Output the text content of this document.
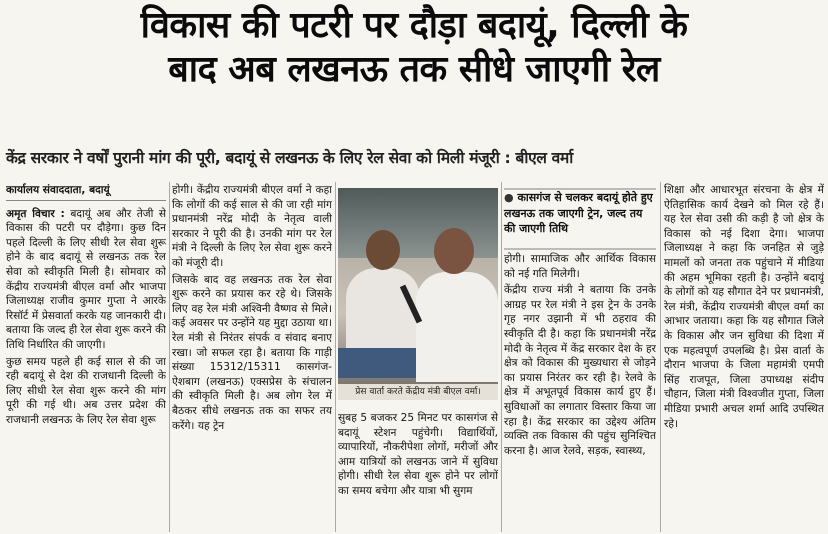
विकास की पटरी पर दौड़ा बदायूं, दिल्ली के
बाद अब लखनऊ तक सीधे जाएगी रेल
केंद्र सरकार ने वर्षों पुरानी मांग की पूरी, बदायूं से लखनऊ के लिए रेल सेवा को मिली मंजूरी : बीएल वर्मा
कार्यालय संवाददाता, बदायूं

अमृत विचार : बदायूं अब और तेजी से विकास की पटरी पर दौड़ेगा। कुछ दिन पहले दिल्ली के लिए सीधी रेल सेवा शुरू होने के बाद बदायूं से लखनऊ तक रेल सेवा को स्वीकृति मिली है। सोमवार को केंद्रीय राज्यमंत्री बीएल वर्मा और भाजपा जिलाध्यक्ष राजीव कुमार गुप्ता ने आरके रिसॉर्ट में प्रेसवार्ता करके यह जानकारी दी। बताया कि जल्द ही रेल सेवा शुरू करने की तिथि निर्धारित की जाएगी।

कुछ समय पहले ही कई साल से की जा रही बदायूं से देश की राजधानी दिल्ली के लिए सीधी रेल सेवा शुरू करने की मांग पूरी की गई थी। अब उत्तर प्रदेश की राजधानी लखनऊ के लिए रेल सेवा शुरू

होगी। केंद्रीय राज्यमंत्री बीएल वर्मा ने कहा कि लोगों की कई साल से की जा रही मांग प्रधानमंत्री नरेंद्र मोदी के नेतृत्व वाली सरकार ने पूरी की है। उनकी मांग पर रेल मंत्री ने दिल्ली के लिए रेल सेवा शुरू करने को मंजूरी दी।

जिसके बाद वह लखनऊ तक रेल सेवा शुरू करने का प्रयास कर रहे थे। जिसके लिए वह रेल मंत्री अश्विनी वैष्णव से मिले। कई अवसर पर उन्होंने यह मुद्दा उठाया था। रेल मंत्री से निरंतर संपर्क व संवाद बनाए रखा। जो सफल रहा है। बताया कि गाड़ी संख्या 15312/15311 कासगंज-ऐशबाग (लखनऊ) एक्सप्रेस के संचालन की स्वीकृति मिली है। अब लोग रेल में बैठकर सीधे लखनऊ तक का सफर तय करेंगे। यह ट्रेन

प्रेस वार्ता करते केंद्रीय मंत्री बीएल वर्मा।

सुबह 5 बजकर 25 मिनट पर कासगंज से बदायूं स्टेशन पहुंचेगी। विद्यार्थियों, व्यापारियों, नौकरीपेशा लोगों, मरीजों और आम यात्रियों को लखनऊ जाने में सुविधा होगी। सीधी रेल सेवा शुरू होने पर लोगों का समय बचेगा और यात्रा भी सुगम

● कासगंज से चलकर बदायूं होते हुए लखनऊ तक जाएगी ट्रेन, जल्द तय की जाएगी तिथि

होगी। सामाजिक और आर्थिक विकास को नई गति मिलेगी।

केंद्रीय राज्य मंत्री ने बताया कि उनके आग्रह पर रेल मंत्री ने इस ट्रेन के उनके गृह नगर उझानी में भी ठहराव की स्वीकृति दी है। कहा कि प्रधानमंत्री नरेंद्र मोदी के नेतृत्व में केंद्र सरकार देश के हर क्षेत्र को विकास की मुख्यधारा से जोड़ने का प्रयास निरंतर कर रही है। रेलवे के क्षेत्र में अभूतपूर्व विकास कार्य हुए हैं। सुविधाओं का लगातार विस्तार किया जा रहा है। केंद्र सरकार का उद्देश्य अंतिम व्यक्ति तक विकास की पहुंच सुनिश्चित करना है। आज रेलवे, सड़क, स्वास्थ्य,

शिक्षा और आधारभूत संरचना के क्षेत्र में ऐतिहासिक कार्य देखने को मिल रहे हैं। यह रेल सेवा उसी की कड़ी है जो क्षेत्र के विकास को नई दिशा देगा। भाजपा जिलाध्यक्ष ने कहा कि जनहित से जुड़े मामलों को जनता तक पहुंचाने में मीडिया की अहम भूमिका रहती है। उन्होंने बदायूं के लोगों को यह सौगात देने पर प्रधानमंत्री, रेल मंत्री, केंद्रीय राज्यमंत्री बीएल वर्मा का आभार जताया। कहा कि यह सौगात जिले के विकास और जन सुविधा की दिशा में एक महत्वपूर्ण उपलब्धि है। प्रेस वार्ता के दौरान भाजपा के जिला महामंत्री एमपी सिंह राजपूत, जिला उपाध्यक्ष संदीप चौहान, जिला मंत्री विश्वजीत गुप्ता, जिला मीडिया प्रभारी अचल शर्मा आदि उपस्थित रहे।
